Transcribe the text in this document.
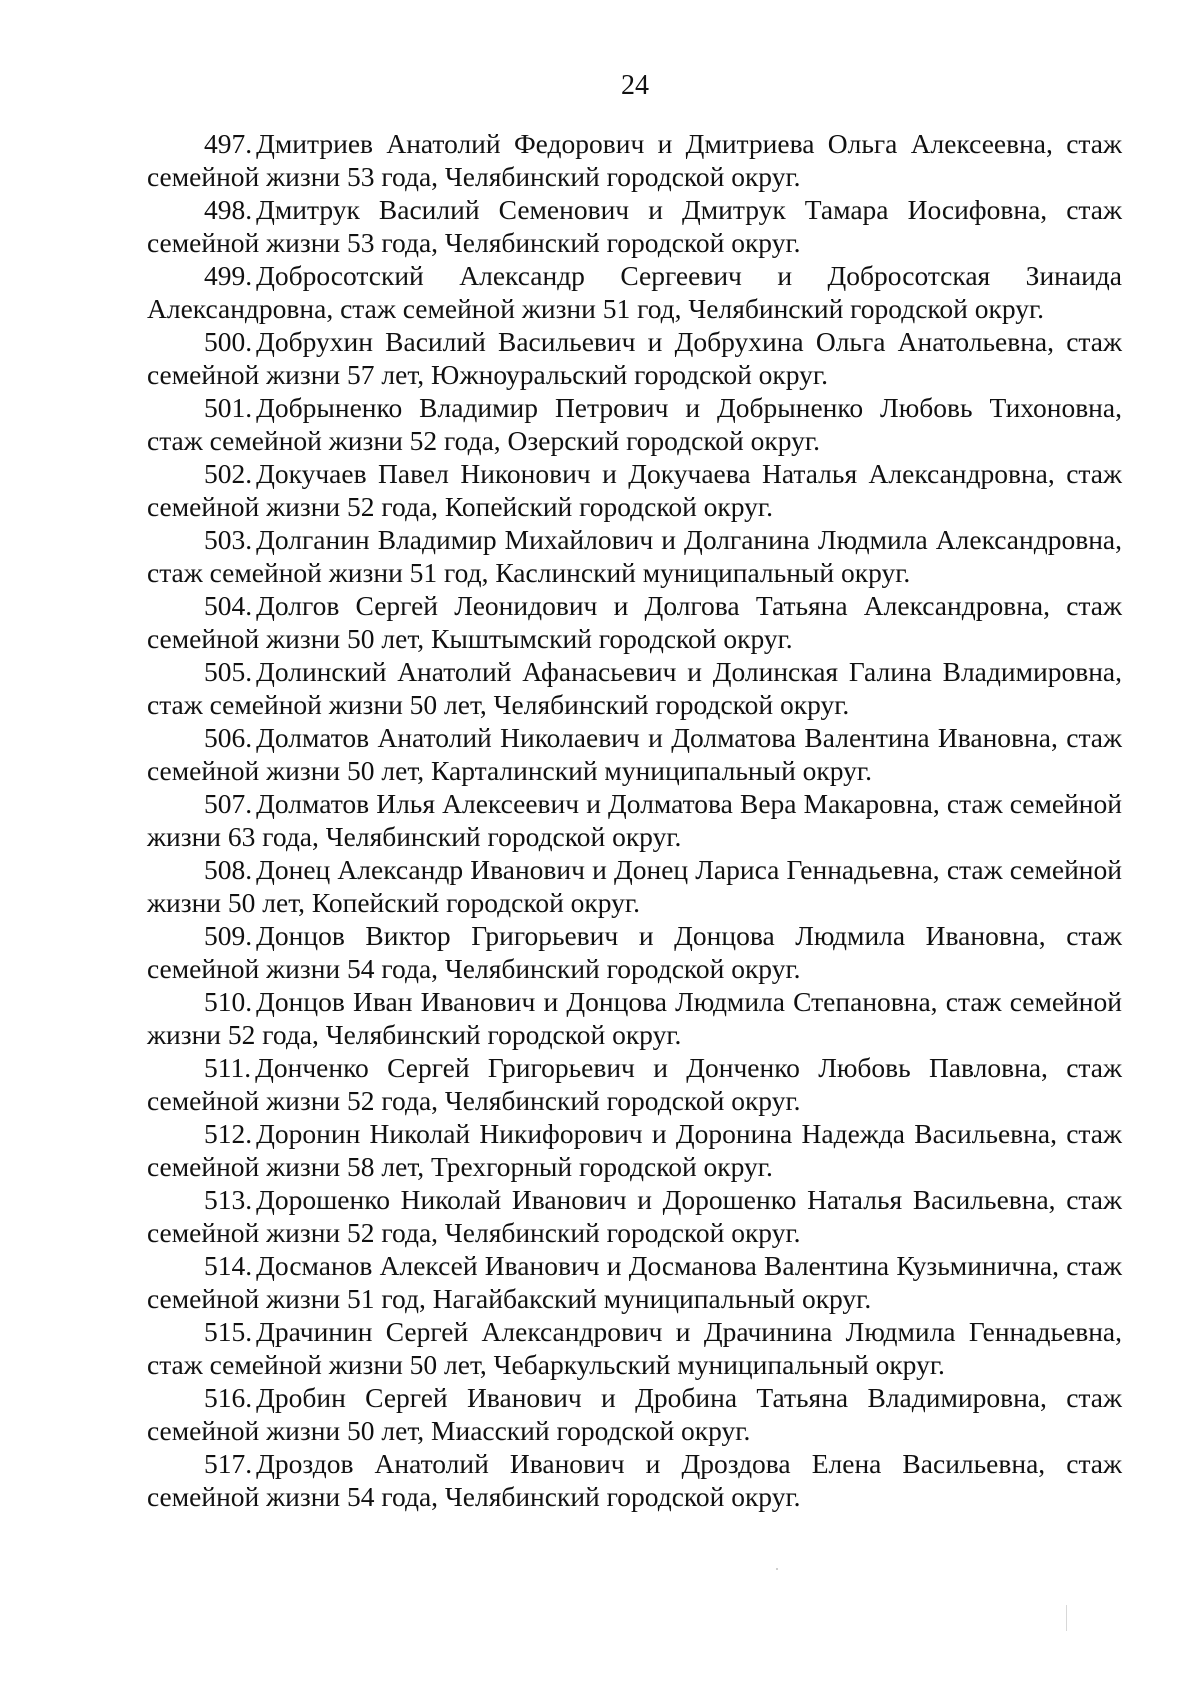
24

497. Дмитриев Анатолий Федорович и Дмитриева Ольга Алексеевна, стаж семейной жизни 53 года, Челябинский городской округ.

498. Дмитрук Василий Семенович и Дмитрук Тамара Иосифовна, стаж семейной жизни 53 года, Челябинский городской округ.

499. Добросотский Александр Сергеевич и Добросотская Зинаида Александровна, стаж семейной жизни 51 год, Челябинский городской округ.

500. Добрухин Василий Васильевич и Добрухина Ольга Анатольевна, стаж семейной жизни 57 лет, Южноуральский городской округ.

501. Добрыненко Владимир Петрович и Добрыненко Любовь Тихоновна, стаж семейной жизни 52 года, Озерский городской округ.

502. Докучаев Павел Никонович и Докучаева Наталья Александровна, стаж семейной жизни 52 года, Копейский городской округ.

503. Долганин Владимир Михайлович и Долганина Людмила Александровна, стаж семейной жизни 51 год, Каслинский муниципальный округ.

504. Долгов Сергей Леонидович и Долгова Татьяна Александровна, стаж семейной жизни 50 лет, Кыштымский городской округ.

505. Долинский Анатолий Афанасьевич и Долинская Галина Владимировна, стаж семейной жизни 50 лет, Челябинский городской округ.

506. Долматов Анатолий Николаевич и Долматова Валентина Ивановна, стаж семейной жизни 50 лет, Карталинский муниципальный округ.

507. Долматов Илья Алексеевич и Долматова Вера Макаровна, стаж семейной жизни 63 года, Челябинский городской округ.

508. Донец Александр Иванович и Донец Лариса Геннадьевна, стаж семейной жизни 50 лет, Копейский городской округ.

509. Донцов Виктор Григорьевич и Донцова Людмила Ивановна, стаж семейной жизни 54 года, Челябинский городской округ.

510. Донцов Иван Иванович и Донцова Людмила Степановна, стаж семейной жизни 52 года, Челябинский городской округ.

511. Донченко Сергей Григорьевич и Донченко Любовь Павловна, стаж семейной жизни 52 года, Челябинский городской округ.

512. Доронин Николай Никифорович и Доронина Надежда Васильевна, стаж семейной жизни 58 лет, Трехгорный городской округ.

513. Дорошенко Николай Иванович и Дорошенко Наталья Васильевна, стаж семейной жизни 52 года, Челябинский городской округ.

514. Досманов Алексей Иванович и Досманова Валентина Кузьминична, стаж семейной жизни 51 год, Нагайбакский муниципальный округ.

515. Драчинин Сергей Александрович и Драчинина Людмила Геннадьевна, стаж семейной жизни 50 лет, Чебаркульский муниципальный округ.

516. Дробин Сергей Иванович и Дробина Татьяна Владимировна, стаж семейной жизни 50 лет, Миасский городской округ.

517. Дроздов Анатолий Иванович и Дроздова Елена Васильевна, стаж семейной жизни 54 года, Челябинский городской округ.
